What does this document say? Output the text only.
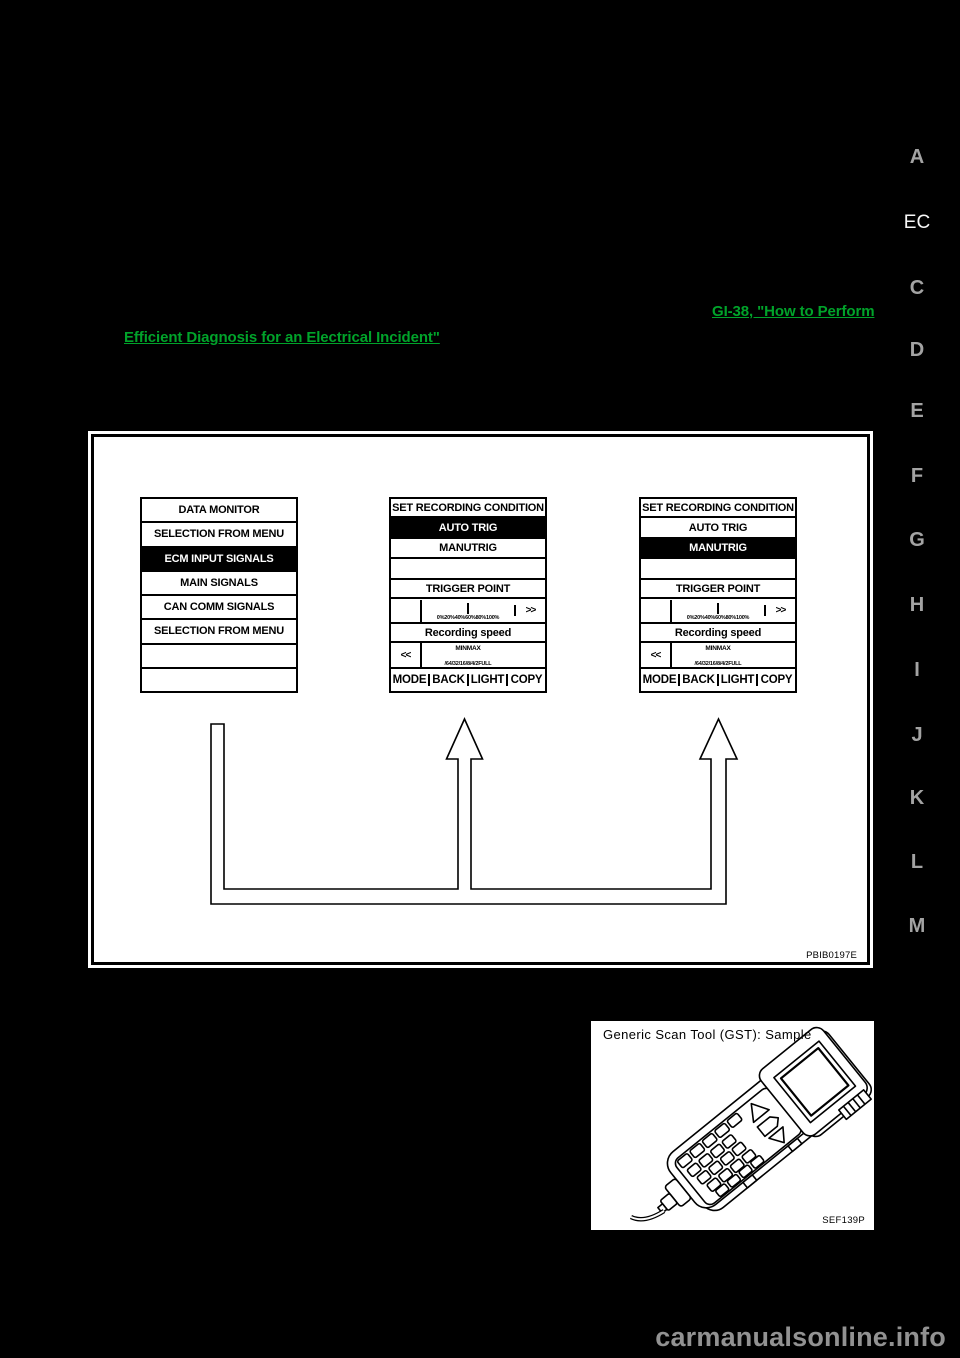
A
EC
C
D
E
F
G
H
I
J
K
L
M
GI-38, "How to Perform
Efficient Diagnosis for an Electrical Incident"
DATA MONITOR
SELECTION FROM MENU
ECM INPUT SIGNALS
MAIN SIGNALS
CAN COMM SIGNALS
SELECTION FROM MENU
SET RECORDING CONDITION
AUTO TRIG
MANUTRIG
TRIGGER POINT
0% 20% 40% 60% 80% 100%
>>
Recording speed
<<
MIN MAX
/64 /32 /16 /8 /4 /2 FULL
MODE BACK LIGHT COPY
SET RECORDING CONDITION
AUTO TRIG
MANUTRIG
TRIGGER POINT
0% 20% 40% 60% 80% 100%
>>
Recording speed
<<
MIN MAX
/64 /32 /16 /8 /4 /2 FULL
MODE BACK LIGHT COPY
PBIB0197E
Generic Scan Tool (GST): Sample
SEF139P
carmanualsonline.info
